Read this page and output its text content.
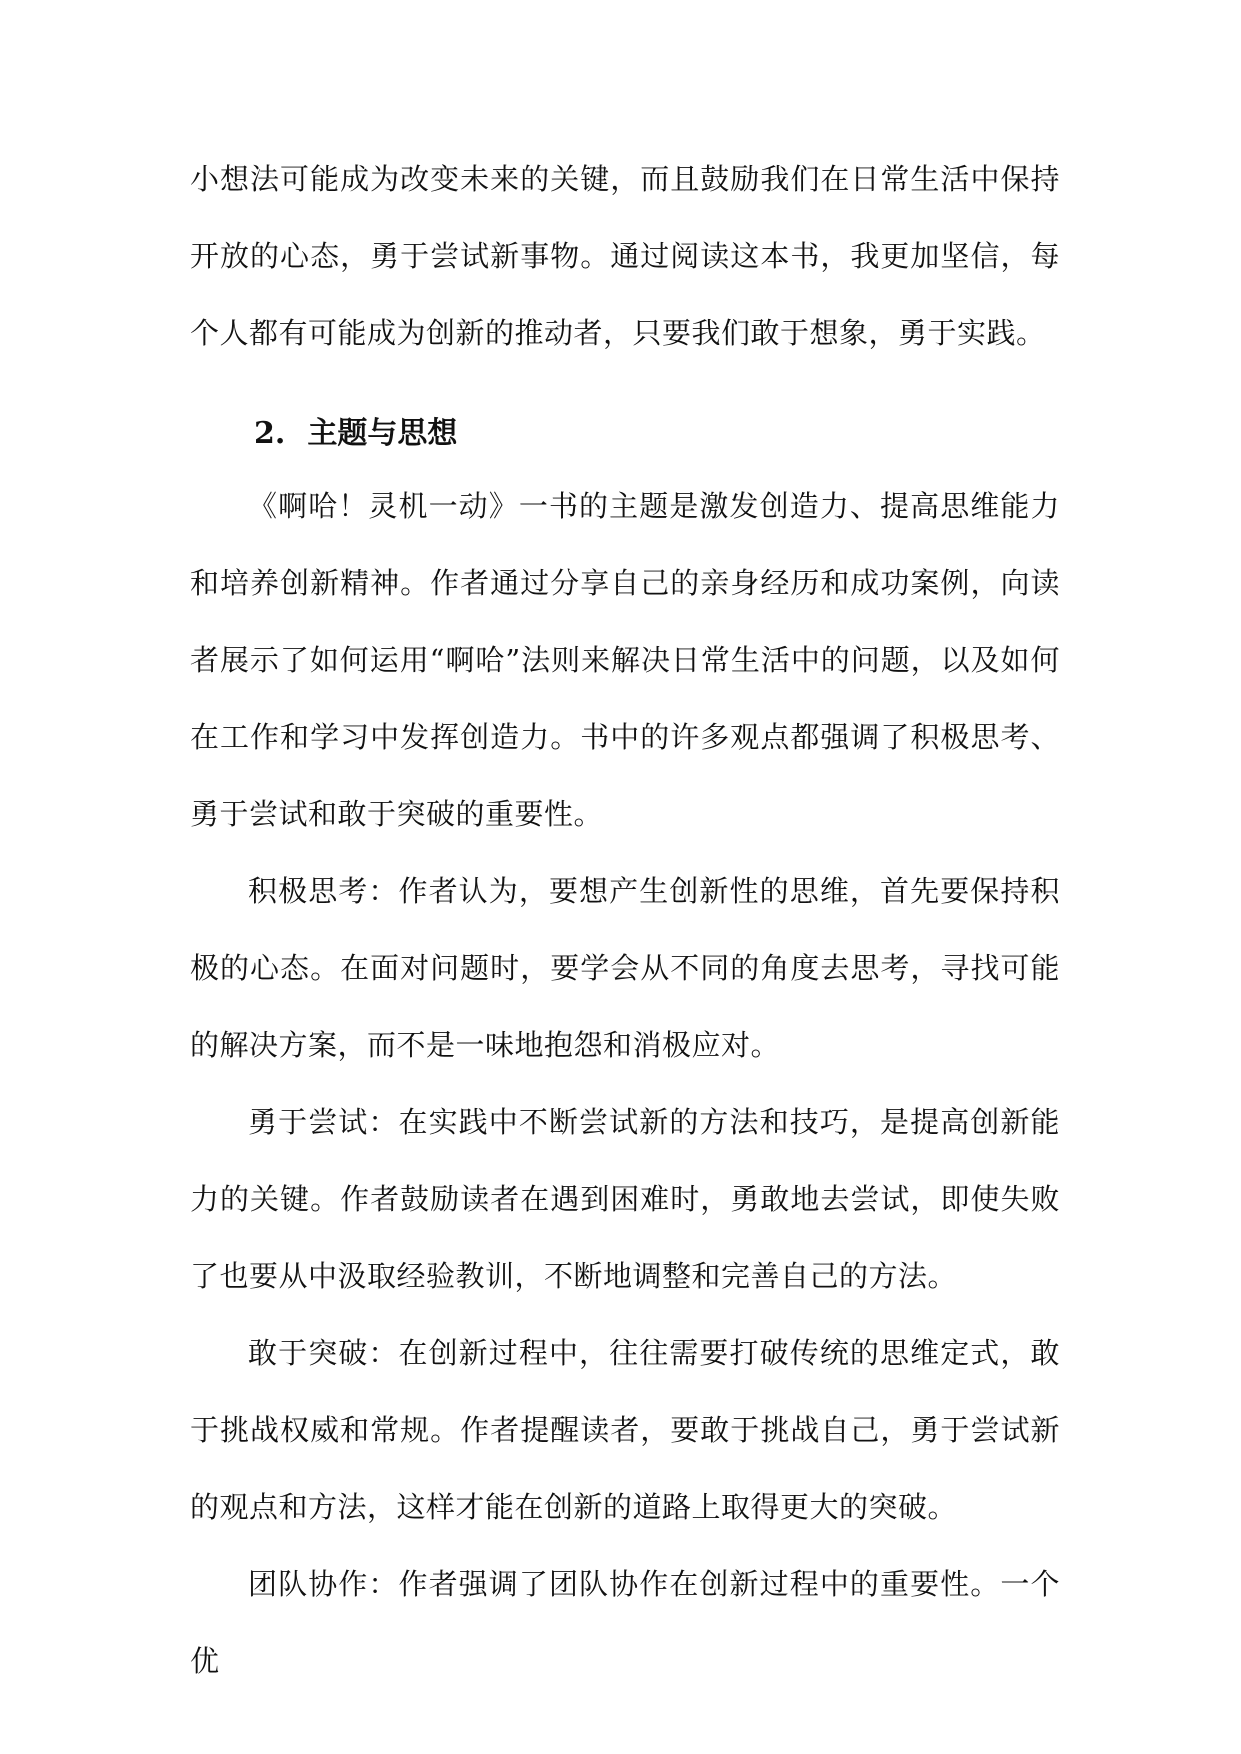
小想法可能成为改变未来的关键，而且鼓励我们在日常生活中保持开放的心态，勇于尝试新事物。通过阅读这本书，我更加坚信，每个人都有可能成为创新的推动者，只要我们敢于想象，勇于实践。

2. 主题与思想

《啊哈！灵机一动》一书的主题是激发创造力、提高思维能力和培养创新精神。作者通过分享自己的亲身经历和成功案例，向读者展示了如何运用“啊哈”法则来解决日常生活中的问题，以及如何在工作和学习中发挥创造力。书中的许多观点都强调了积极思考、勇于尝试和敢于突破的重要性。

积极思考：作者认为，要想产生创新性的思维，首先要保持积极的心态。在面对问题时，要学会从不同的角度去思考，寻找可能的解决方案，而不是一味地抱怨和消极应对。

勇于尝试：在实践中不断尝试新的方法和技巧，是提高创新能力的关键。作者鼓励读者在遇到困难时，勇敢地去尝试，即使失败了也要从中汲取经验教训，不断地调整和完善自己的方法。

敢于突破：在创新过程中，往往需要打破传统的思维定式，敢于挑战权威和常规。作者提醒读者，要敢于挑战自己，勇于尝试新的观点和方法，这样才能在创新的道路上取得更大的突破。

团队协作：作者强调了团队协作在创新过程中的重要性。一个优
